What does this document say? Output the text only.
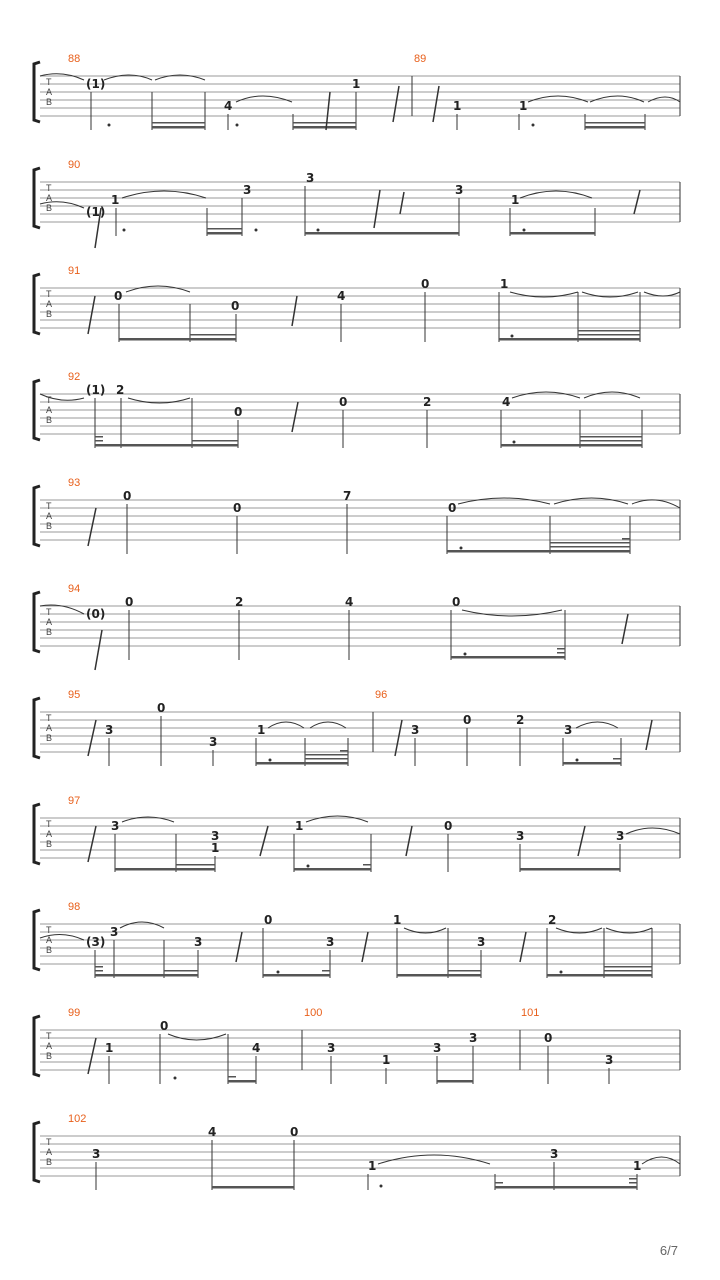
T
A
B
88	89
(1)
4
1
1	1
T
A
B
90
(1)
1
3
3
3
1
T
A
B
91
0
0
4
0	1
T
A
B
92
(1) 2
0
0	2	4
T
A
B
93
0
0
7
0
T
A
B
94
(0)
0	2	4	0
T
A
B
95	96
3
0
3
1	3
0	2
3
T
A
B
97
3
3
1
1	0
3	3
T
A
B
98
(3)
3
3
0
3
1
3
2
T
A
B
99	100	101
1
0
4	3
1
3
3	0
3
T
A
B
102
3
4	0
1
3
1
6/7
